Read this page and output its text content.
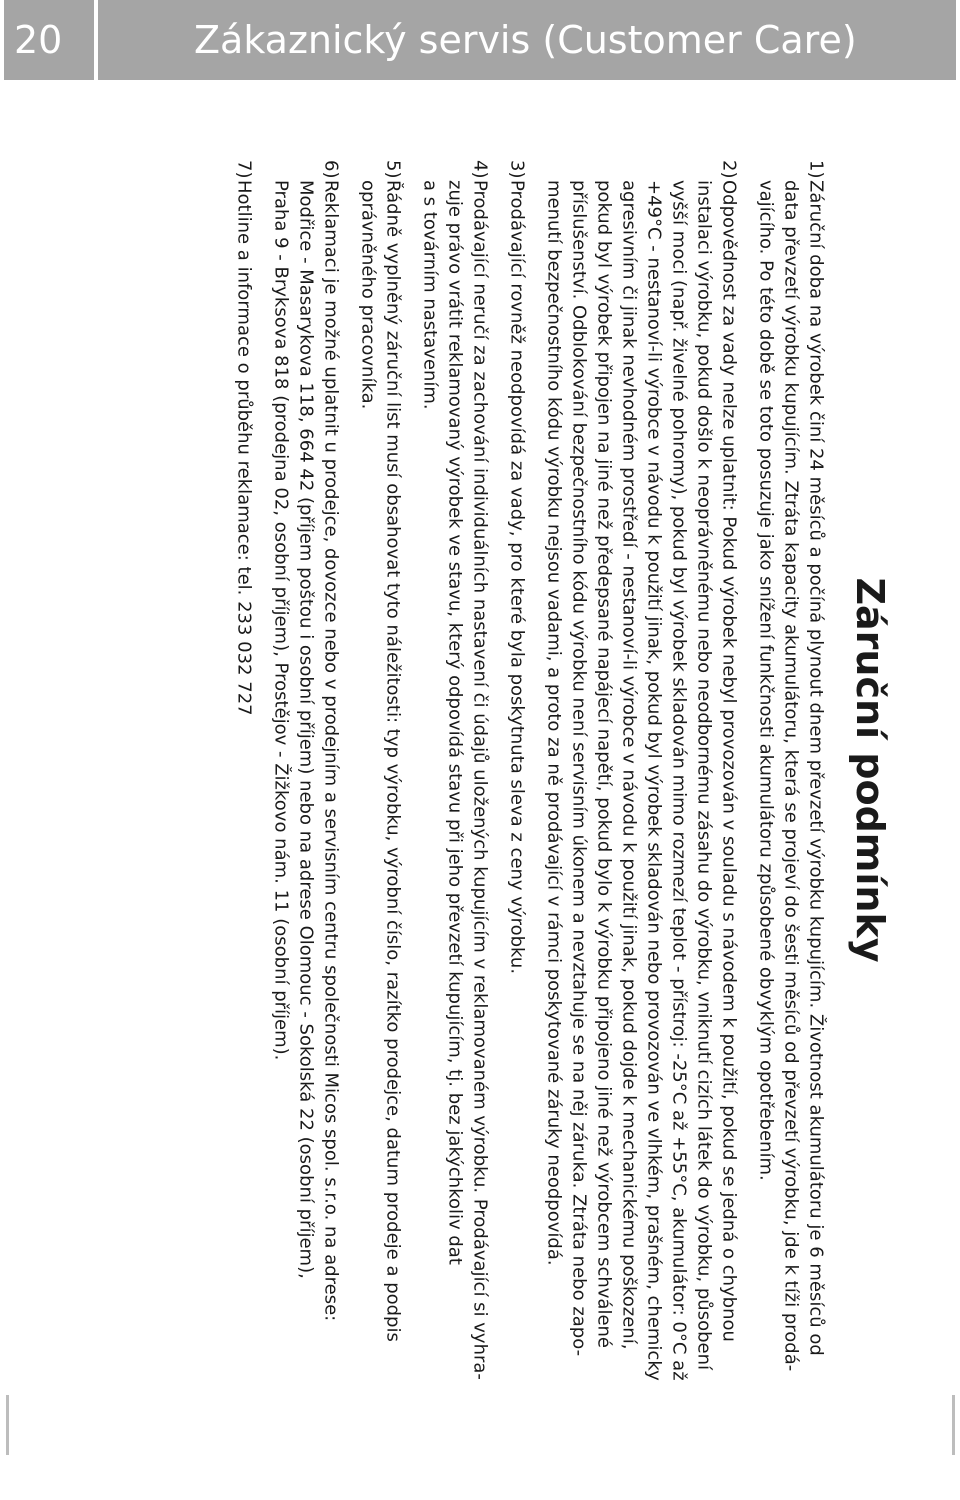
20	Zákaznický servis (Customer Care)
Záruční podmínky
1)Záruční doba na výrobek činí 24 měsíců a počíná plynout dnem převzetí výrobku kupujícím. Životnost akumulátoru je 6 měsíců od
data převzetí výrobku kupujícím. Ztráta kapacity akumulátoru, která se projeví do šesti měsíců od převzetí výrobku, jde k tíži prodá-
vajícího. Po této době se toto posuzuje jako snížení funkčnosti akumulátoru způsobené obvyklým opotřebením.
2)Odpovědnost za vady nelze uplatnit: Pokud výrobek nebyl provozován v souladu s návodem k použití, pokud se jedná o chybnou
instalaci výrobku, pokud došlo k neoprávněnému nebo neodbornému zásahu do výrobku, vniknutí cizích látek do výrobku, působení
vyšší moci (např. živelné pohromy), pokud byl výrobek skladován mimo rozmezí teplot - přístroj: -25°C až +55°C, akumulátor: 0°C až
+49°C - nestanoví-li výrobce v návodu k použití jinak, pokud byl výrobek skladován nebo provozován ve vlhkém, prašném, chemicky
agresivním či jinak nevhodném prostředí - nestanoví-li výrobce v návodu k použití jinak, pokud dojde k mechanickému poškození,
pokud byl výrobek připojen na jiné než předepsané napájecí napětí, pokud bylo k výrobku připojeno jiné než výrobcem schválené
příslušenství. Odblokování bezpečnostního kódu výrobku není servisním úkonem a nevztahuje se na něj záruka. Ztráta nebo zapo-
menutí bezpečnostního kódu výrobku nejsou vadami, a proto za ně prodávající v rámci poskytované záruky neodpovídá.
3)Prodávající rovněž neodpovídá za vady, pro které byla poskytnuta sleva z ceny výrobku.
4)Prodávající neručí za zachování individuálních nastavení či údajů uložených kupujícím v reklamovaném výrobku. Prodávající si vyhra-
zuje právo vrátit reklamovaný výrobek ve stavu, který odpovídá stavu při jeho převzetí kupujícím, tj. bez jakýchkoliv dat
a s továrním nastavením.
5)Řádně vyplněný záruční list musí obsahovat tyto náležitosti: typ výrobku, výrobní číslo, razítko prodejce, datum prodeje a podpis
oprávněného pracovníka.
6)Reklamaci je možné uplatnit u prodejce, dovozce nebo v prodejním a servisním centru společnosti Micos spol. s.r.o. na adrese:
Modřice - Masarykova 118, 664 42 (příjem poštou i osobní příjem) nebo na adrese Olomouc - Sokolská 22 (osobní příjem),
Praha 9 - Bryksova 818 (prodejna 02, osobní příjem), Prostějov - Žižkovo nám. 11 (osobní příjem).
7)Hotline a informace o průběhu reklamace: tel. 233 032 727
